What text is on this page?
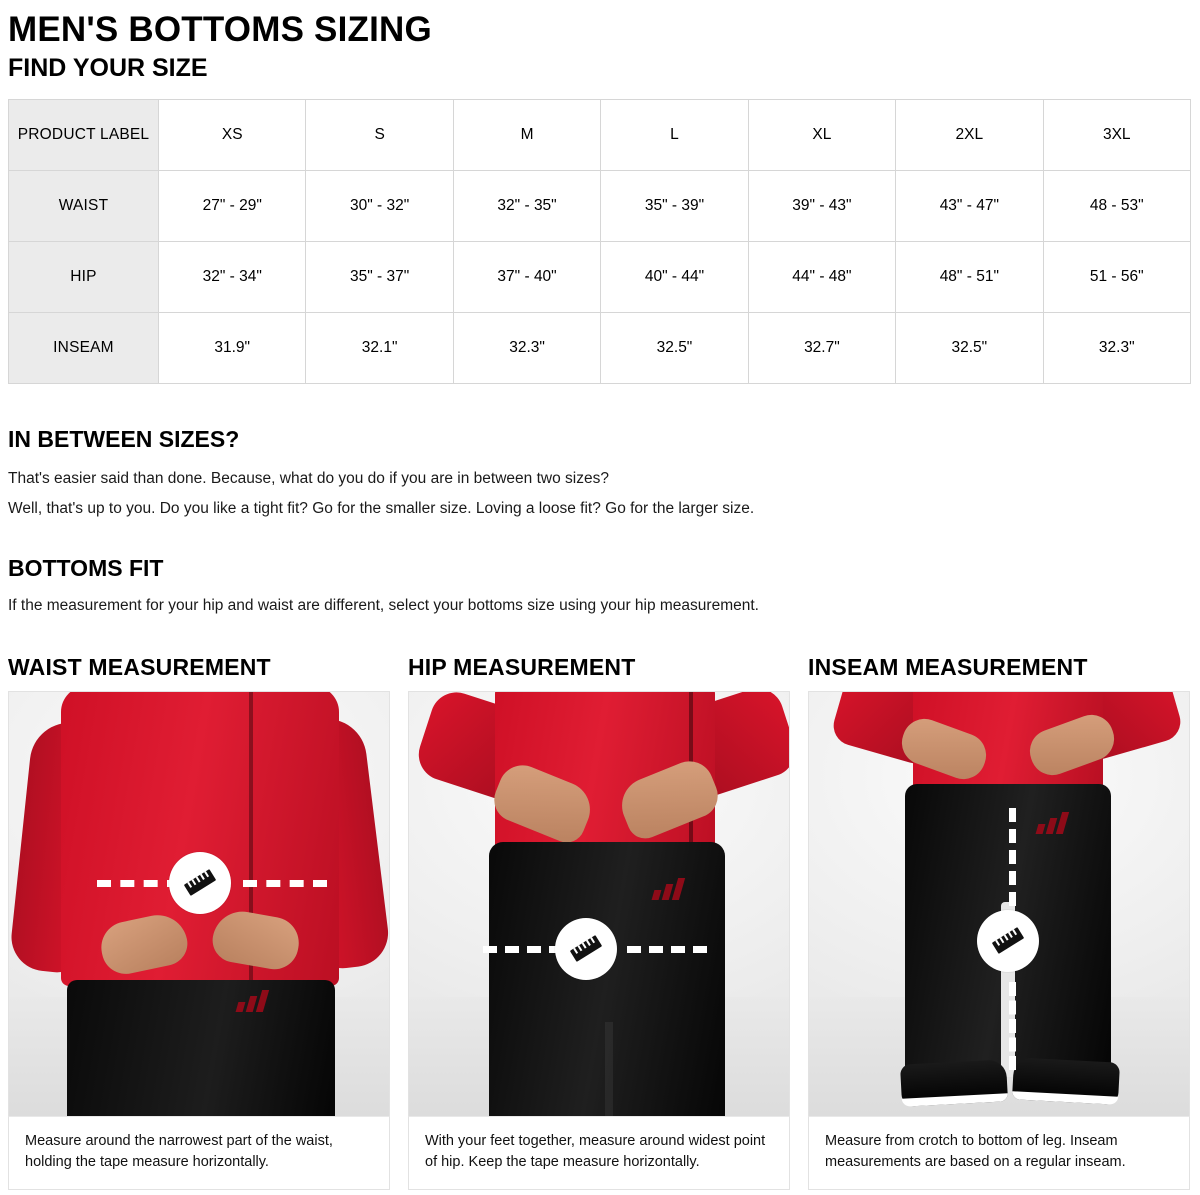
MEN'S BOTTOMS SIZING
FIND YOUR SIZE
PRODUCT LABEL	XS	S	M	L	XL	2XL	3XL
WAIST	27" - 29"	30" - 32"	32" - 35"	35" - 39"	39" - 43"	43" - 47"	48 - 53"
HIP	32" - 34"	35" - 37"	37" - 40"	40" - 44"	44" - 48"	48" - 51"	51 - 56"
INSEAM	31.9"	32.1"	32.3"	32.5"	32.7"	32.5"	32.3"
IN BETWEEN SIZES?

That's easier said than done. Because, what do you do if you are in between two sizes?

Well, that's up to you. Do you like a tight fit? Go for the smaller size. Loving a loose fit? Go for the larger size.

BOTTOMS FIT

If the measurement for your hip and waist are different, select your bottoms size using your hip measurement.

WAIST MEASUREMENT
Measure around the narrowest part of the waist, holding the tape measure horizontally.
HIP MEASUREMENT
With your feet together, measure around widest point of hip. Keep the tape measure horizontally.
INSEAM MEASUREMENT
Measure from crotch to bottom of leg. Inseam measurements are based on a regular inseam.
